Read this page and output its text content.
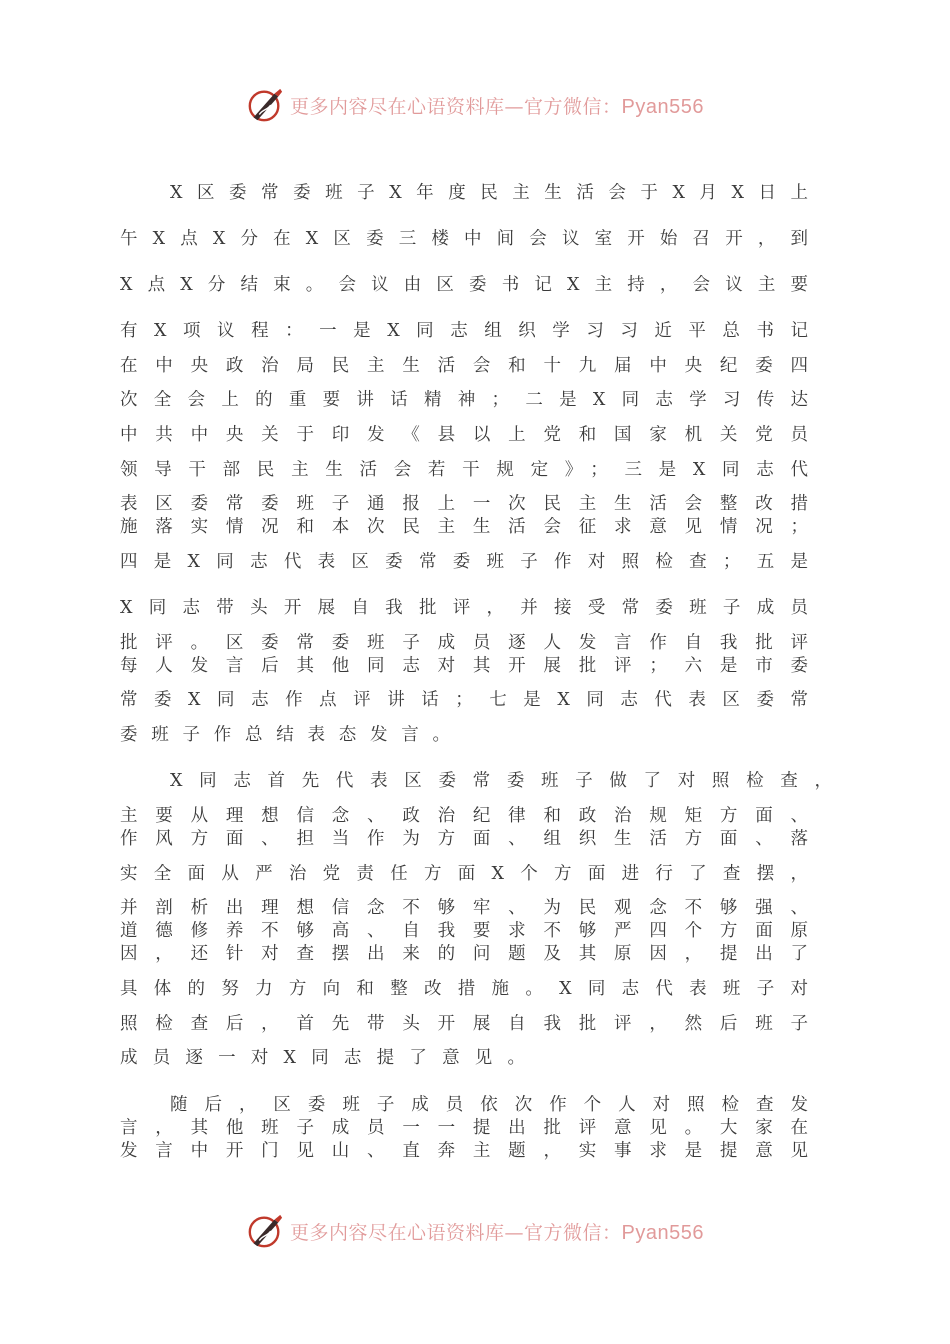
更多内容尽在心语资料库—官方微信：Pyan556
X区委常委班子X年度民主生活会于X月X日上
午X点X分在X区委三楼中间会议室开始召开，到
X点X分结束。会议由区委书记X主持，会议主要
有X项议程：一是X同志组织学习习近平总书记
在中央政治局民主生活会和十九届中央纪委四
次全会上的重要讲话精神；二是X同志学习传达
中共中央关于印发《县以上党和国家机关党员
领导干部民主生活会若干规定》；三是X同志代
表区委常委班子通报上一次民主生活会整改措
施落实情况和本次民主生活会征求意见情况；
四是X同志代表区委常委班子作对照检查；五是
X同志带头开展自我批评，并接受常委班子成员
批评。区委常委班子成员逐人发言作自我批评
每人发言后其他同志对其开展批评；六是市委
常委X同志作点评讲话；七是X同志代表区委常
委班子作总结表态发言。
X同志首先代表区委常委班子做了对照检查，
主要从理想信念、政治纪律和政治规矩方面、
作风方面、担当作为方面、组织生活方面、落
实全面从严治党责任方面X个方面进行了查摆，
并剖析出理想信念不够牢、为民观念不够强、
道德修养不够高、自我要求不够严四个方面原
因，还针对查摆出来的问题及其原因，提出了
具体的努力方向和整改措施。X同志代表班子对
照检查后，首先带头开展自我批评，然后班子
成员逐一对X同志提了意见。
随后，区委班子成员依次作个人对照检查发
言，其他班子成员一一提出批评意见。大家在
发言中开门见山、直奔主题，实事求是提意见
更多内容尽在心语资料库—官方微信：Pyan556
